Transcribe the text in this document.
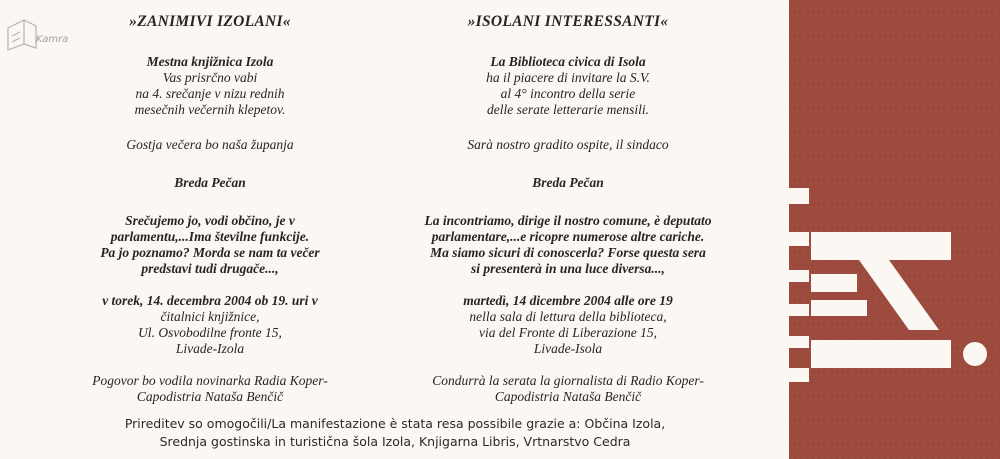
Kamra
»ZANIMIVI IZOLANI«
Mestna knjižnica Izola
Vas prisrčno vabi
na 4. srečanje v nizu rednih
mesečnih večernih klepetov.
Gostja večera bo naša županja
Breda Pečan
Srečujemo jo, vodi občino, je v
parlamentu,...Ima številne funkcije.
Pa jo poznamo? Morda se nam ta večer
predstavi tudi drugače...,
v torek, 14. decembra 2004 ob 19. uri v
čitalnici knjižnice,
Ul. Osvobodilne fronte 15,
Livade-Izola
Pogovor bo vodila novinarka Radia Koper-
Capodistria Nataša Benčič
»ISOLANI INTERESSANTI«
La Biblioteca civica di Isola
ha il piacere di invitare la S.V.
al 4° incontro della serie
delle serate letterarie mensili.
Sarà nostro gradito ospite, il sindaco
Breda Pečan
La incontriamo, dirige il nostro comune, è deputato
parlamentare,...e ricopre numerose altre cariche.
Ma siamo sicuri di conoscerla? Forse questa sera
si presenterà in una luce diversa...,
martedì, 14 dicembre 2004 alle ore 19
nella sala di lettura della biblioteca,
via del Fronte di Liberazione 15,
Livade-Isola
Condurrà la serata la giornalista di Radio Koper-
Capodistria Nataša Benčič
Prireditev so omogočili/La manifestazione è stata resa possibile grazie a: Občina Izola,
Srednja gostinska in turistična šola Izola, Knjigarna Libris, Vrtnarstvo Cedra
